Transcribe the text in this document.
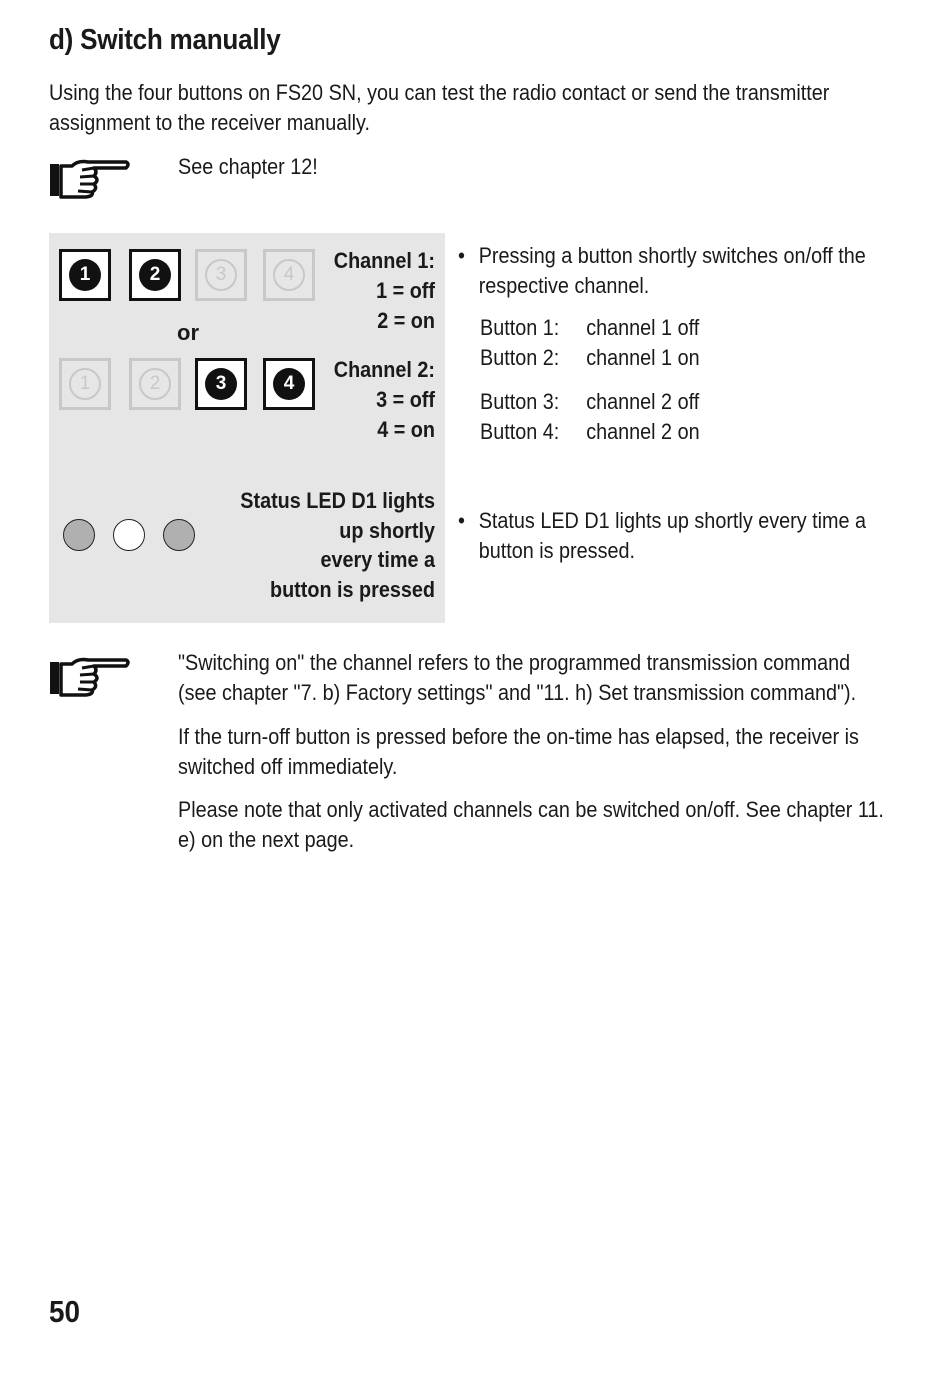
d) Switch manually
Using the four buttons on FS20 SN, you can test the radio contact or send the transmitter assignment to the receiver manually.
See chapter 12!
1	2	3	4
Channel 1:
1 = off
2 = on
or
1	2	3	4
Channel 2:
3 = off
4 = on
Status LED D1 lights
up shortly
every time a
button is pressed
• Pressing a button shortly switches on/off the respective channel.
Button 1:	channel 1 off
Button 2:	channel 1 on
Button 3:	channel 2 off
Button 4:	channel 2 on
• Status LED D1 lights up shortly every time a button is pressed.
"Switching on" the channel refers to the programmed transmission command (see chapter "7. b) Factory settings" and "11. h) Set transmission command").
If the turn-off button is pressed before the on-time has elapsed, the receiver is switched off immediately.
Please note that only activated channels can be switched on/off. See chapter 11. e) on the next page.
50
